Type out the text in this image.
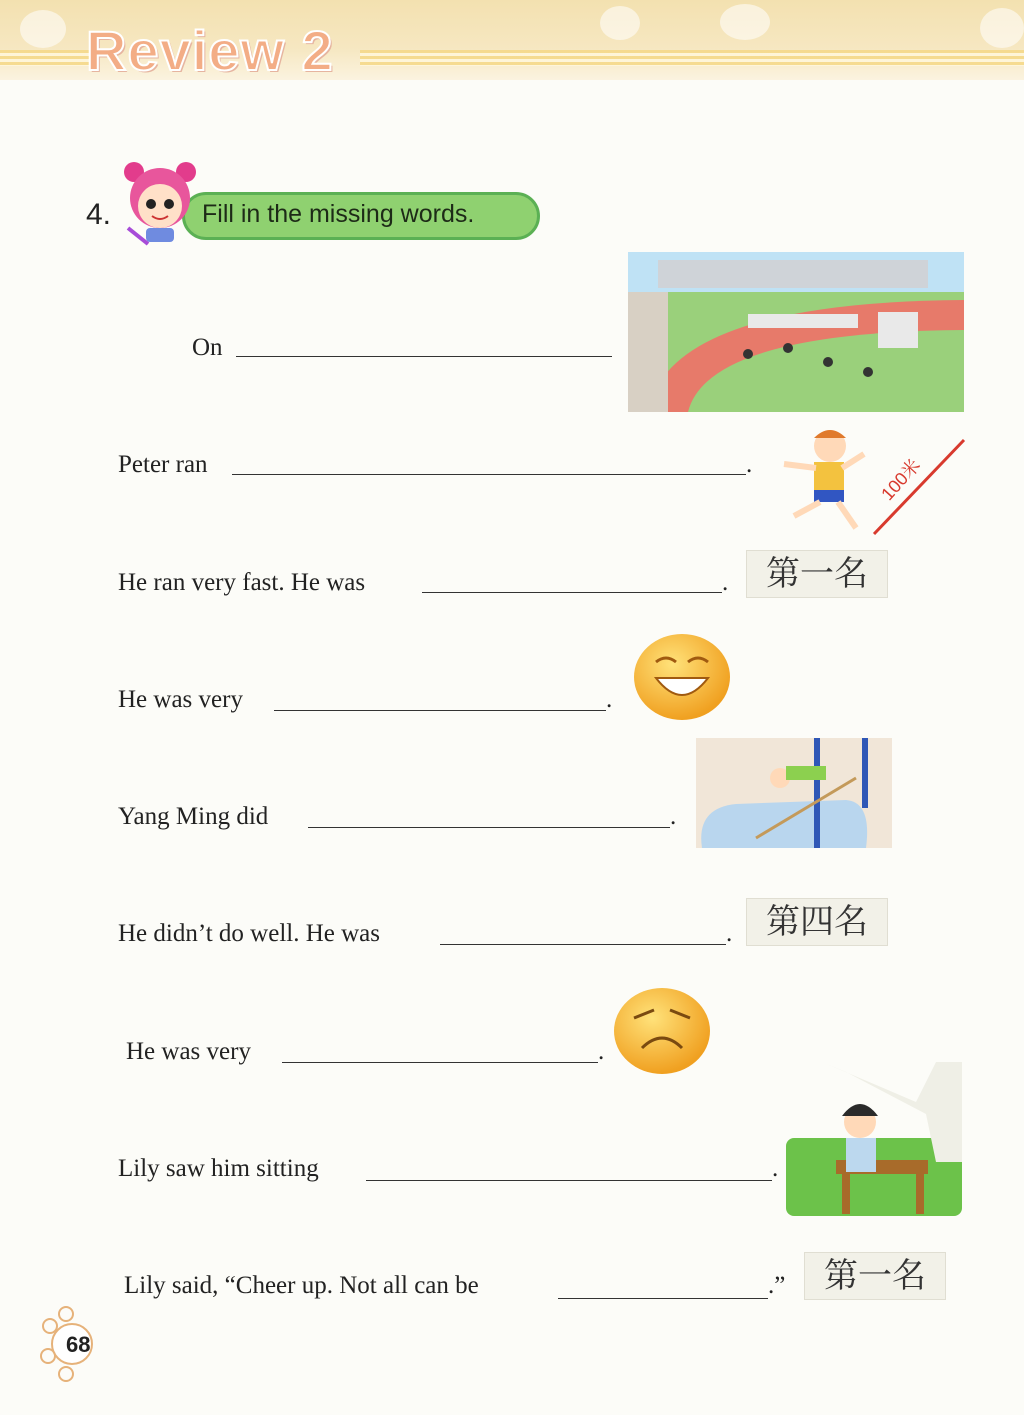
Review 2
4.	Fill in the missing words.
On
Peter ran	.	100米
He ran very fast. He was	.	第一名
He was very	.
Yang Ming did	.
He didn’t do well. He was	. 第四名
He was very	.
Lily saw him sitting	.
Lily said, “Cheer up. Not all can be	.”	第一名
68
